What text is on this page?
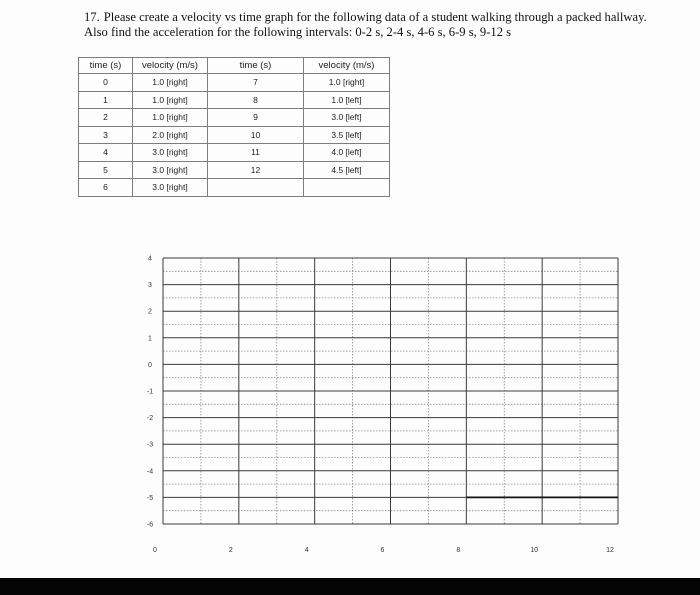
17. Please create a velocity vs time graph for the following data of a student walking through a packed hallway. Also find the acceleration for the following intervals: 0-2 s, 2-4 s, 4-6 s, 6-9 s, 9-12 s
time (s)	velocity (m/s)	time (s)	velocity (m/s)
0	1.0 [right]	7	1.0 [right]
1	1.0 [right]	8	1.0 [left]
2	1.0 [right]	9	3.0 [left]
3	2.0 [right]	10	3.5 [left]
4	3.0 [right]	11	4.0 [left]
5	3.0 [right]	12	4.5 [left]
6	3.0 [right]		
4
3
2
1
0
-1
-2
-3
-4
-5
-6
0	2	4	6	8	10	12
